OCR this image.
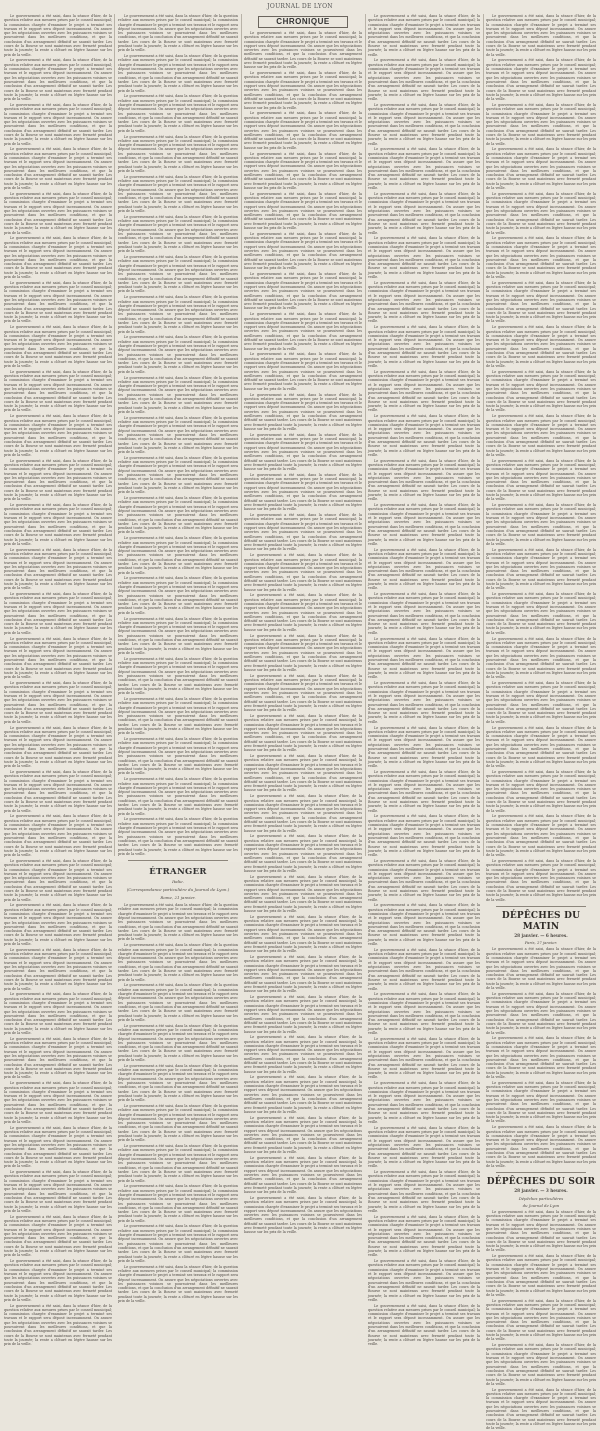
JOURNAL DE LYON

Le gouvernement a été saisi, dans la séance d'hier, de la question relative aux mesures prises par le conseil municipal; la commission chargée d'examiner le projet a terminé ses travaux et le rapport sera déposé incessamment. On assure que les négociations ouvertes avec les puissances voisines se poursuivent dans les meilleures conditions, et que la conclusion d'un arrangement définitif ne saurait tarder. Les cours de la Bourse se sont maintenus avec fermeté pendant toute la journée; la rente a clôturé en légère hausse sur les prix de la veille.

Le gouvernement a été saisi, dans la séance d'hier, de la question relative aux mesures prises par le conseil municipal; la commission chargée d'examiner le projet a terminé ses travaux et le rapport sera déposé incessamment. On assure que les négociations ouvertes avec les puissances voisines se poursuivent dans les meilleures conditions, et que la conclusion d'un arrangement définitif ne saurait tarder. Les cours de la Bourse se sont maintenus avec fermeté pendant toute la journée; la rente a clôturé en légère hausse sur les prix de la veille.

Le gouvernement a été saisi, dans la séance d'hier, de la question relative aux mesures prises par le conseil municipal; la commission chargée d'examiner le projet a terminé ses travaux et le rapport sera déposé incessamment. On assure que les négociations ouvertes avec les puissances voisines se poursuivent dans les meilleures conditions, et que la conclusion d'un arrangement définitif ne saurait tarder. Les cours de la Bourse se sont maintenus avec fermeté pendant toute la journée; la rente a clôturé en légère hausse sur les prix de la veille.

Le gouvernement a été saisi, dans la séance d'hier, de la question relative aux mesures prises par le conseil municipal; la commission chargée d'examiner le projet a terminé ses travaux et le rapport sera déposé incessamment. On assure que les négociations ouvertes avec les puissances voisines se poursuivent dans les meilleures conditions, et que la conclusion d'un arrangement définitif ne saurait tarder. Les cours de la Bourse se sont maintenus avec fermeté pendant toute la journée; la rente a clôturé en légère hausse sur les prix de la veille.

Le gouvernement a été saisi, dans la séance d'hier, de la question relative aux mesures prises par le conseil municipal; la commission chargée d'examiner le projet a terminé ses travaux et le rapport sera déposé incessamment. On assure que les négociations ouvertes avec les puissances voisines se poursuivent dans les meilleures conditions, et que la conclusion d'un arrangement définitif ne saurait tarder. Les cours de la Bourse se sont maintenus avec fermeté pendant toute la journée; la rente a clôturé en légère hausse sur les prix de la veille.

Le gouvernement a été saisi, dans la séance d'hier, de la question relative aux mesures prises par le conseil municipal; la commission chargée d'examiner le projet a terminé ses travaux et le rapport sera déposé incessamment. On assure que les négociations ouvertes avec les puissances voisines se poursuivent dans les meilleures conditions, et que la conclusion d'un arrangement définitif ne saurait tarder. Les cours de la Bourse se sont maintenus avec fermeté pendant toute la journée; la rente a clôturé en légère hausse sur les prix de la veille.

Le gouvernement a été saisi, dans la séance d'hier, de la question relative aux mesures prises par le conseil municipal; la commission chargée d'examiner le projet a terminé ses travaux et le rapport sera déposé incessamment. On assure que les négociations ouvertes avec les puissances voisines se poursuivent dans les meilleures conditions, et que la conclusion d'un arrangement définitif ne saurait tarder. Les cours de la Bourse se sont maintenus avec fermeté pendant toute la journée; la rente a clôturé en légère hausse sur les prix de la veille.

Le gouvernement a été saisi, dans la séance d'hier, de la question relative aux mesures prises par le conseil municipal; la commission chargée d'examiner le projet a terminé ses travaux et le rapport sera déposé incessamment. On assure que les négociations ouvertes avec les puissances voisines se poursuivent dans les meilleures conditions, et que la conclusion d'un arrangement définitif ne saurait tarder. Les cours de la Bourse se sont maintenus avec fermeté pendant toute la journée; la rente a clôturé en légère hausse sur les prix de la veille.

Le gouvernement a été saisi, dans la séance d'hier, de la question relative aux mesures prises par le conseil municipal; la commission chargée d'examiner le projet a terminé ses travaux et le rapport sera déposé incessamment. On assure que les négociations ouvertes avec les puissances voisines se poursuivent dans les meilleures conditions, et que la conclusion d'un arrangement définitif ne saurait tarder. Les cours de la Bourse se sont maintenus avec fermeté pendant toute la journée; la rente a clôturé en légère hausse sur les prix de la veille.

Le gouvernement a été saisi, dans la séance d'hier, de la question relative aux mesures prises par le conseil municipal; la commission chargée d'examiner le projet a terminé ses travaux et le rapport sera déposé incessamment. On assure que les négociations ouvertes avec les puissances voisines se poursuivent dans les meilleures conditions, et que la conclusion d'un arrangement définitif ne saurait tarder. Les cours de la Bourse se sont maintenus avec fermeté pendant toute la journée; la rente a clôturé en légère hausse sur les prix de la veille.

Le gouvernement a été saisi, dans la séance d'hier, de la question relative aux mesures prises par le conseil municipal; la commission chargée d'examiner le projet a terminé ses travaux et le rapport sera déposé incessamment. On assure que les négociations ouvertes avec les puissances voisines se poursuivent dans les meilleures conditions, et que la conclusion d'un arrangement définitif ne saurait tarder. Les cours de la Bourse se sont maintenus avec fermeté pendant toute la journée; la rente a clôturé en légère hausse sur les prix de la veille.

Le gouvernement a été saisi, dans la séance d'hier, de la question relative aux mesures prises par le conseil municipal; la commission chargée d'examiner le projet a terminé ses travaux et le rapport sera déposé incessamment. On assure que les négociations ouvertes avec les puissances voisines se poursuivent dans les meilleures conditions, et que la conclusion d'un arrangement définitif ne saurait tarder. Les cours de la Bourse se sont maintenus avec fermeté pendant toute la journée; la rente a clôturé en légère hausse sur les prix de la veille.

Le gouvernement a été saisi, dans la séance d'hier, de la question relative aux mesures prises par le conseil municipal; la commission chargée d'examiner le projet a terminé ses travaux et le rapport sera déposé incessamment. On assure que les négociations ouvertes avec les puissances voisines se poursuivent dans les meilleures conditions, et que la conclusion d'un arrangement définitif ne saurait tarder. Les cours de la Bourse se sont maintenus avec fermeté pendant toute la journée; la rente a clôturé en légère hausse sur les prix de la veille.

Le gouvernement a été saisi, dans la séance d'hier, de la question relative aux mesures prises par le conseil municipal; la commission chargée d'examiner le projet a terminé ses travaux et le rapport sera déposé incessamment. On assure que les négociations ouvertes avec les puissances voisines se poursuivent dans les meilleures conditions, et que la conclusion d'un arrangement définitif ne saurait tarder. Les cours de la Bourse se sont maintenus avec fermeté pendant toute la journée; la rente a clôturé en légère hausse sur les prix de la veille.

Le gouvernement a été saisi, dans la séance d'hier, de la question relative aux mesures prises par le conseil municipal; la commission chargée d'examiner le projet a terminé ses travaux et le rapport sera déposé incessamment. On assure que les négociations ouvertes avec les puissances voisines se poursuivent dans les meilleures conditions, et que la conclusion d'un arrangement définitif ne saurait tarder. Les cours de la Bourse se sont maintenus avec fermeté pendant toute la journée; la rente a clôturé en légère hausse sur les prix de la veille.

Le gouvernement a été saisi, dans la séance d'hier, de la question relative aux mesures prises par le conseil municipal; la commission chargée d'examiner le projet a terminé ses travaux et le rapport sera déposé incessamment. On assure que les négociations ouvertes avec les puissances voisines se poursuivent dans les meilleures conditions, et que la conclusion d'un arrangement définitif ne saurait tarder. Les cours de la Bourse se sont maintenus avec fermeté pendant toute la journée; la rente a clôturé en légère hausse sur les prix de la veille.

Le gouvernement a été saisi, dans la séance d'hier, de la question relative aux mesures prises par le conseil municipal; la commission chargée d'examiner le projet a terminé ses travaux et le rapport sera déposé incessamment. On assure que les négociations ouvertes avec les puissances voisines se poursuivent dans les meilleures conditions, et que la conclusion d'un arrangement définitif ne saurait tarder. Les cours de la Bourse se sont maintenus avec fermeté pendant toute la journée; la rente a clôturé en légère hausse sur les prix de la veille.

Le gouvernement a été saisi, dans la séance d'hier, de la question relative aux mesures prises par le conseil municipal; la commission chargée d'examiner le projet a terminé ses travaux et le rapport sera déposé incessamment. On assure que les négociations ouvertes avec les puissances voisines se poursuivent dans les meilleures conditions, et que la conclusion d'un arrangement définitif ne saurait tarder. Les cours de la Bourse se sont maintenus avec fermeté pendant toute la journée; la rente a clôturé en légère hausse sur les prix de la veille.

Le gouvernement a été saisi, dans la séance d'hier, de la question relative aux mesures prises par le conseil municipal; la commission chargée d'examiner le projet a terminé ses travaux et le rapport sera déposé incessamment. On assure que les négociations ouvertes avec les puissances voisines se poursuivent dans les meilleures conditions, et que la conclusion d'un arrangement définitif ne saurait tarder. Les cours de la Bourse se sont maintenus avec fermeté pendant toute la journée; la rente a clôturé en légère hausse sur les prix de la veille.

Le gouvernement a été saisi, dans la séance d'hier, de la question relative aux mesures prises par le conseil municipal; la commission chargée d'examiner le projet a terminé ses travaux et le rapport sera déposé incessamment. On assure que les négociations ouvertes avec les puissances voisines se poursuivent dans les meilleures conditions, et que la conclusion d'un arrangement définitif ne saurait tarder. Les cours de la Bourse se sont maintenus avec fermeté pendant toute la journée; la rente a clôturé en légère hausse sur les prix de la veille.

Le gouvernement a été saisi, dans la séance d'hier, de la question relative aux mesures prises par le conseil municipal; la commission chargée d'examiner le projet a terminé ses travaux et le rapport sera déposé incessamment. On assure que les négociations ouvertes avec les puissances voisines se poursuivent dans les meilleures conditions, et que la conclusion d'un arrangement définitif ne saurait tarder. Les cours de la Bourse se sont maintenus avec fermeté pendant toute la journée; la rente a clôturé en légère hausse sur les prix de la veille.

Le gouvernement a été saisi, dans la séance d'hier, de la question relative aux mesures prises par le conseil municipal; la commission chargée d'examiner le projet a terminé ses travaux et le rapport sera déposé incessamment. On assure que les négociations ouvertes avec les puissances voisines se poursuivent dans les meilleures conditions, et que la conclusion d'un arrangement définitif ne saurait tarder. Les cours de la Bourse se sont maintenus avec fermeté pendant toute la journée; la rente a clôturé en légère hausse sur les prix de la veille.

Le gouvernement a été saisi, dans la séance d'hier, de la question relative aux mesures prises par le conseil municipal; la commission chargée d'examiner le projet a terminé ses travaux et le rapport sera déposé incessamment. On assure que les négociations ouvertes avec les puissances voisines se poursuivent dans les meilleures conditions, et que la conclusion d'un arrangement définitif ne saurait tarder. Les cours de la Bourse se sont maintenus avec fermeté pendant toute la journée; la rente a clôturé en légère hausse sur les prix de la veille.

Le gouvernement a été saisi, dans la séance d'hier, de la question relative aux mesures prises par le conseil municipal; la commission chargée d'examiner le projet a terminé ses travaux et le rapport sera déposé incessamment. On assure que les négociations ouvertes avec les puissances voisines se poursuivent dans les meilleures conditions, et que la conclusion d'un arrangement définitif ne saurait tarder. Les cours de la Bourse se sont maintenus avec fermeté pendant toute la journée; la rente a clôturé en légère hausse sur les prix de la veille.

Le gouvernement a été saisi, dans la séance d'hier, de la question relative aux mesures prises par le conseil municipal; la commission chargée d'examiner le projet a terminé ses travaux et le rapport sera déposé incessamment. On assure que les négociations ouvertes avec les puissances voisines se poursuivent dans les meilleures conditions, et que la conclusion d'un arrangement définitif ne saurait tarder. Les cours de la Bourse se sont maintenus avec fermeté pendant toute la journée; la rente a clôturé en légère hausse sur les prix de la veille.

Le gouvernement a été saisi, dans la séance d'hier, de la question relative aux mesures prises par le conseil municipal; la commission chargée d'examiner le projet a terminé ses travaux et le rapport sera déposé incessamment. On assure que les négociations ouvertes avec les puissances voisines se poursuivent dans les meilleures conditions, et que la conclusion d'un arrangement définitif ne saurait tarder. Les cours de la Bourse se sont maintenus avec fermeté pendant toute la journée; la rente a clôturé en légère hausse sur les prix de la veille.

Le gouvernement a été saisi, dans la séance d'hier, de la question relative aux mesures prises par le conseil municipal; la commission chargée d'examiner le projet a terminé ses travaux et le rapport sera déposé incessamment. On assure que les négociations ouvertes avec les puissances voisines se poursuivent dans les meilleures conditions, et que la conclusion d'un arrangement définitif ne saurait tarder. Les cours de la Bourse se sont maintenus avec fermeté pendant toute la journée; la rente a clôturé en légère hausse sur les prix de la veille.

Le gouvernement a été saisi, dans la séance d'hier, de la question relative aux mesures prises par le conseil municipal; la commission chargée d'examiner le projet a terminé ses travaux et le rapport sera déposé incessamment. On assure que les négociations ouvertes avec les puissances voisines se poursuivent dans les meilleures conditions, et que la conclusion d'un arrangement définitif ne saurait tarder. Les cours de la Bourse se sont maintenus avec fermeté pendant toute la journée; la rente a clôturé en légère hausse sur les prix de la veille.

Le gouvernement a été saisi, dans la séance d'hier, de la question relative aux mesures prises par le conseil municipal; la commission chargée d'examiner le projet a terminé ses travaux et le rapport sera déposé incessamment. On assure que les négociations ouvertes avec les puissances voisines se poursuivent dans les meilleures conditions, et que la conclusion d'un arrangement définitif ne saurait tarder. Les cours de la Bourse se sont maintenus avec fermeté pendant toute la journée; la rente a clôturé en légère hausse sur les prix de la veille.

Le gouvernement a été saisi, dans la séance d'hier, de la question relative aux mesures prises par le conseil municipal; la commission chargée d'examiner le projet a terminé ses travaux et le rapport sera déposé incessamment. On assure que les négociations ouvertes avec les puissances voisines se poursuivent dans les meilleures conditions, et que la conclusion d'un arrangement définitif ne saurait tarder. Les cours de la Bourse se sont maintenus avec fermeté pendant toute la journée; la rente a clôturé en légère hausse sur les prix de la veille.

Le gouvernement a été saisi, dans la séance d'hier, de la question relative aux mesures prises par le conseil municipal; la commission chargée d'examiner le projet a terminé ses travaux et le rapport sera déposé incessamment. On assure que les négociations ouvertes avec les puissances voisines se poursuivent dans les meilleures conditions, et que la conclusion d'un arrangement définitif ne saurait tarder. Les cours de la Bourse se sont maintenus avec fermeté pendant toute la journée; la rente a clôturé en légère hausse sur les prix de la veille.

Le gouvernement a été saisi, dans la séance d'hier, de la question relative aux mesures prises par le conseil municipal; la commission chargée d'examiner le projet a terminé ses travaux et le rapport sera déposé incessamment. On assure que les négociations ouvertes avec les puissances voisines se poursuivent dans les meilleures conditions, et que la conclusion d'un arrangement définitif ne saurait tarder. Les cours de la Bourse se sont maintenus avec fermeté pendant toute la journée; la rente a clôturé en légère hausse sur les prix de la veille.

Le gouvernement a été saisi, dans la séance d'hier, de la question relative aux mesures prises par le conseil municipal; la commission chargée d'examiner le projet a terminé ses travaux et le rapport sera déposé incessamment. On assure que les négociations ouvertes avec les puissances voisines se poursuivent dans les meilleures conditions, et que la conclusion d'un arrangement définitif ne saurait tarder. Les cours de la Bourse se sont maintenus avec fermeté pendant toute la journée; la rente a clôturé en légère hausse sur les prix de la veille.

Le gouvernement a été saisi, dans la séance d'hier, de la question relative aux mesures prises par le conseil municipal; la commission chargée d'examiner le projet a terminé ses travaux et le rapport sera déposé incessamment. On assure que les négociations ouvertes avec les puissances voisines se poursuivent dans les meilleures conditions, et que la conclusion d'un arrangement définitif ne saurait tarder. Les cours de la Bourse se sont maintenus avec fermeté pendant toute la journée; la rente a clôturé en légère hausse sur les prix de la veille.

Le gouvernement a été saisi, dans la séance d'hier, de la question relative aux mesures prises par le conseil municipal; la commission chargée d'examiner le projet a terminé ses travaux et le rapport sera déposé incessamment. On assure que les négociations ouvertes avec les puissances voisines se poursuivent dans les meilleures conditions, et que la conclusion d'un arrangement définitif ne saurait tarder. Les cours de la Bourse se sont maintenus avec fermeté pendant toute la journée; la rente a clôturé en légère hausse sur les prix de la veille.

Le gouvernement a été saisi, dans la séance d'hier, de la question relative aux mesures prises par le conseil municipal; la commission chargée d'examiner le projet a terminé ses travaux et le rapport sera déposé incessamment. On assure que les négociations ouvertes avec les puissances voisines se poursuivent dans les meilleures conditions, et que la conclusion d'un arrangement définitif ne saurait tarder. Les cours de la Bourse se sont maintenus avec fermeté pendant toute la journée; la rente a clôturé en légère hausse sur les prix de la veille.

Le gouvernement a été saisi, dans la séance d'hier, de la question relative aux mesures prises par le conseil municipal; la commission chargée d'examiner le projet a terminé ses travaux et le rapport sera déposé incessamment. On assure que les négociations ouvertes avec les puissances voisines se poursuivent dans les meilleures conditions, et que la conclusion d'un arrangement définitif ne saurait tarder. Les cours de la Bourse se sont maintenus avec fermeté pendant toute la journée; la rente a clôturé en légère hausse sur les prix de la veille.

Le gouvernement a été saisi, dans la séance d'hier, de la question relative aux mesures prises par le conseil municipal; la commission chargée d'examiner le projet a terminé ses travaux et le rapport sera déposé incessamment. On assure que les négociations ouvertes avec les puissances voisines se poursuivent dans les meilleures conditions, et que la conclusion d'un arrangement définitif ne saurait tarder. Les cours de la Bourse se sont maintenus avec fermeté pendant toute la journée; la rente a clôturé en légère hausse sur les prix de la veille.

Le gouvernement a été saisi, dans la séance d'hier, de la question relative aux mesures prises par le conseil municipal; la commission chargée d'examiner le projet a terminé ses travaux et le rapport sera déposé incessamment. On assure que les négociations ouvertes avec les puissances voisines se poursuivent dans les meilleures conditions, et que la conclusion d'un arrangement définitif ne saurait tarder. Les cours de la Bourse se sont maintenus avec fermeté pendant toute la journée; la rente a clôturé en légère hausse sur les prix de la veille.

Le gouvernement a été saisi, dans la séance d'hier, de la question relative aux mesures prises par le conseil municipal; la commission chargée d'examiner le projet a terminé ses travaux et le rapport sera déposé incessamment. On assure que les négociations ouvertes avec les puissances voisines se poursuivent dans les meilleures conditions, et que la conclusion d'un arrangement définitif ne saurait tarder. Les cours de la Bourse se sont maintenus avec fermeté pendant toute la journée; la rente a clôturé en légère hausse sur les prix de la veille.

Le gouvernement a été saisi, dans la séance d'hier, de la question relative aux mesures prises par le conseil municipal; la commission chargée d'examiner le projet a terminé ses travaux et le rapport sera déposé incessamment. On assure que les négociations ouvertes avec les puissances voisines se poursuivent dans les meilleures conditions, et que la conclusion d'un arrangement définitif ne saurait tarder. Les cours de la Bourse se sont maintenus avec fermeté pendant toute la journée; la rente a clôturé en légère hausse sur les prix de la veille.

Le gouvernement a été saisi, dans la séance d'hier, de la question relative aux mesures prises par le conseil municipal; la commission chargée d'examiner le projet a terminé ses travaux et le rapport sera déposé incessamment. On assure que les négociations ouvertes avec les puissances voisines se poursuivent dans les meilleures conditions, et que la conclusion d'un arrangement définitif ne saurait tarder. Les cours de la Bourse se sont maintenus avec fermeté pendant toute la journée; la rente a clôturé en légère hausse sur les prix de la veille.

Le gouvernement a été saisi, dans la séance d'hier, de la question relative aux mesures prises par le conseil municipal; la commission chargée d'examiner le projet a terminé ses travaux et le rapport sera déposé incessamment. On assure que les négociations ouvertes avec les puissances voisines se poursuivent dans les meilleures conditions, et que la conclusion d'un arrangement définitif ne saurait tarder. Les cours de la Bourse se sont maintenus avec fermeté pendant toute la journée; la rente a clôturé en légère hausse sur les prix de la veille.

Le gouvernement a été saisi, dans la séance d'hier, de la question relative aux mesures prises par le conseil municipal; la commission chargée d'examiner le projet a terminé ses travaux et le rapport sera déposé incessamment. On assure que les négociations ouvertes avec les puissances voisines se poursuivent dans les meilleures conditions, et que la conclusion d'un arrangement définitif ne saurait tarder. Les cours de la Bourse se sont maintenus avec fermeté pendant toute la journée; la rente a clôturé en légère hausse sur les prix de la veille.

Le gouvernement a été saisi, dans la séance d'hier, de la question relative aux mesures prises par le conseil municipal; la commission chargée d'examiner le projet a terminé ses travaux et le rapport sera déposé incessamment. On assure que les négociations ouvertes avec les puissances voisines se poursuivent dans les meilleures conditions, et que la conclusion d'un arrangement définitif ne saurait tarder. Les cours de la Bourse se sont maintenus avec fermeté pendant toute la journée; la rente a clôturé en légère hausse sur les prix de la veille.

Le gouvernement a été saisi, dans la séance d'hier, de la question relative aux mesures prises par le conseil municipal; la commission chargée d'examiner le projet a terminé ses travaux et le rapport sera déposé incessamment. On assure que les négociations ouvertes avec les puissances voisines se poursuivent dans les meilleures conditions, et que la conclusion d'un arrangement définitif ne saurait tarder. Les cours de la Bourse se sont maintenus avec fermeté pendant toute la journée; la rente a clôturé en légère hausse sur les prix de la veille.

Le gouvernement a été saisi, dans la séance d'hier, de la question relative aux mesures prises par le conseil municipal; la commission chargée d'examiner le projet a terminé ses travaux et le rapport sera déposé incessamment. On assure que les négociations ouvertes avec les puissances voisines se poursuivent dans les meilleures conditions, et que la conclusion d'un arrangement définitif ne saurait tarder. Les cours de la Bourse se sont maintenus avec fermeté pendant toute la journée; la rente a clôturé en légère hausse sur les prix de la veille.

Le gouvernement a été saisi, dans la séance d'hier, de la question relative aux mesures prises par le conseil municipal; la commission chargée d'examiner le projet a terminé ses travaux et le rapport sera déposé incessamment. On assure que les négociations ouvertes avec les puissances voisines se poursuivent dans les meilleures conditions, et que la conclusion d'un arrangement définitif ne saurait tarder. Les cours de la Bourse se sont maintenus avec fermeté pendant toute la journée; la rente a clôturé en légère hausse sur les prix de la veille.

Le gouvernement a été saisi, dans la séance d'hier, de la question relative aux mesures prises par le conseil municipal; la commission chargée d'examiner le projet a terminé ses travaux et le rapport sera déposé incessamment. On assure que les négociations ouvertes avec les puissances voisines se poursuivent dans les meilleures conditions, et que la conclusion d'un arrangement définitif ne saurait tarder. Les cours de la Bourse se sont maintenus avec fermeté pendant toute la journée; la rente a clôturé en légère hausse sur les prix de la veille.

Le gouvernement a été saisi, dans la séance d'hier, de la question relative aux mesures prises par le conseil municipal; la commission chargée d'examiner le projet a terminé ses travaux et le rapport sera déposé incessamment. On assure que les négociations ouvertes avec les puissances voisines se poursuivent dans les meilleures conditions, et que la conclusion d'un arrangement définitif ne saurait tarder. Les cours de la Bourse se sont maintenus avec fermeté pendant toute la journée; la rente a clôturé en légère hausse sur les prix de la veille.

Le gouvernement a été saisi, dans la séance d'hier, de la question relative aux mesures prises par le conseil municipal; la commission chargée d'examiner le projet a terminé ses travaux et le rapport sera déposé incessamment. On assure que les négociations ouvertes avec les puissances voisines se poursuivent dans les meilleures conditions, et que la conclusion d'un arrangement définitif ne saurait tarder. Les cours de la Bourse se sont maintenus avec fermeté pendant toute la journée; la rente a clôturé en légère hausse sur les prix de la veille.

ÉTRANGER
Italie.
(Correspondance particulière du Journal de Lyon.)
Rome, 21 janvier.

Le gouvernement a été saisi, dans la séance d'hier, de la question relative aux mesures prises par le conseil municipal; la commission chargée d'examiner le projet a terminé ses travaux et le rapport sera déposé incessamment. On assure que les négociations ouvertes avec les puissances voisines se poursuivent dans les meilleures conditions, et que la conclusion d'un arrangement définitif ne saurait tarder. Les cours de la Bourse se sont maintenus avec fermeté pendant toute la journée; la rente a clôturé en légère hausse sur les prix de la veille.

Le gouvernement a été saisi, dans la séance d'hier, de la question relative aux mesures prises par le conseil municipal; la commission chargée d'examiner le projet a terminé ses travaux et le rapport sera déposé incessamment. On assure que les négociations ouvertes avec les puissances voisines se poursuivent dans les meilleures conditions, et que la conclusion d'un arrangement définitif ne saurait tarder. Les cours de la Bourse se sont maintenus avec fermeté pendant toute la journée; la rente a clôturé en légère hausse sur les prix de la veille.

Le gouvernement a été saisi, dans la séance d'hier, de la question relative aux mesures prises par le conseil municipal; la commission chargée d'examiner le projet a terminé ses travaux et le rapport sera déposé incessamment. On assure que les négociations ouvertes avec les puissances voisines se poursuivent dans les meilleures conditions, et que la conclusion d'un arrangement définitif ne saurait tarder. Les cours de la Bourse se sont maintenus avec fermeté pendant toute la journée; la rente a clôturé en légère hausse sur les prix de la veille.

Le gouvernement a été saisi, dans la séance d'hier, de la question relative aux mesures prises par le conseil municipal; la commission chargée d'examiner le projet a terminé ses travaux et le rapport sera déposé incessamment. On assure que les négociations ouvertes avec les puissances voisines se poursuivent dans les meilleures conditions, et que la conclusion d'un arrangement définitif ne saurait tarder. Les cours de la Bourse se sont maintenus avec fermeté pendant toute la journée; la rente a clôturé en légère hausse sur les prix de la veille.

Le gouvernement a été saisi, dans la séance d'hier, de la question relative aux mesures prises par le conseil municipal; la commission chargée d'examiner le projet a terminé ses travaux et le rapport sera déposé incessamment. On assure que les négociations ouvertes avec les puissances voisines se poursuivent dans les meilleures conditions, et que la conclusion d'un arrangement définitif ne saurait tarder. Les cours de la Bourse se sont maintenus avec fermeté pendant toute la journée; la rente a clôturé en légère hausse sur les prix de la veille.

Le gouvernement a été saisi, dans la séance d'hier, de la question relative aux mesures prises par le conseil municipal; la commission chargée d'examiner le projet a terminé ses travaux et le rapport sera déposé incessamment. On assure que les négociations ouvertes avec les puissances voisines se poursuivent dans les meilleures conditions, et que la conclusion d'un arrangement définitif ne saurait tarder. Les cours de la Bourse se sont maintenus avec fermeté pendant toute la journée; la rente a clôturé en légère hausse sur les prix de la veille.

Le gouvernement a été saisi, dans la séance d'hier, de la question relative aux mesures prises par le conseil municipal; la commission chargée d'examiner le projet a terminé ses travaux et le rapport sera déposé incessamment. On assure que les négociations ouvertes avec les puissances voisines se poursuivent dans les meilleures conditions, et que la conclusion d'un arrangement définitif ne saurait tarder. Les cours de la Bourse se sont maintenus avec fermeté pendant toute la journée; la rente a clôturé en légère hausse sur les prix de la veille.

Le gouvernement a été saisi, dans la séance d'hier, de la question relative aux mesures prises par le conseil municipal; la commission chargée d'examiner le projet a terminé ses travaux et le rapport sera déposé incessamment. On assure que les négociations ouvertes avec les puissances voisines se poursuivent dans les meilleures conditions, et que la conclusion d'un arrangement définitif ne saurait tarder. Les cours de la Bourse se sont maintenus avec fermeté pendant toute la journée; la rente a clôturé en légère hausse sur les prix de la veille.

Le gouvernement a été saisi, dans la séance d'hier, de la question relative aux mesures prises par le conseil municipal; la commission chargée d'examiner le projet a terminé ses travaux et le rapport sera déposé incessamment. On assure que les négociations ouvertes avec les puissances voisines se poursuivent dans les meilleures conditions, et que la conclusion d'un arrangement définitif ne saurait tarder. Les cours de la Bourse se sont maintenus avec fermeté pendant toute la journée; la rente a clôturé en légère hausse sur les prix de la veille.

Le gouvernement a été saisi, dans la séance d'hier, de la question relative aux mesures prises par le conseil municipal; la commission chargée d'examiner le projet a terminé ses travaux et le rapport sera déposé incessamment. On assure que les négociations ouvertes avec les puissances voisines se poursuivent dans les meilleures conditions, et que la conclusion d'un arrangement définitif ne saurait tarder. Les cours de la Bourse se sont maintenus avec fermeté pendant toute la journée; la rente a clôturé en légère hausse sur les prix de la veille.

CHRONIQUE

Le gouvernement a été saisi, dans la séance d'hier, de la question relative aux mesures prises par le conseil municipal; la commission chargée d'examiner le projet a terminé ses travaux et le rapport sera déposé incessamment. On assure que les négociations ouvertes avec les puissances voisines se poursuivent dans les meilleures conditions, et que la conclusion d'un arrangement définitif ne saurait tarder. Les cours de la Bourse se sont maintenus avec fermeté pendant toute la journée; la rente a clôturé en légère hausse sur les prix de la veille.

Le gouvernement a été saisi, dans la séance d'hier, de la question relative aux mesures prises par le conseil municipal; la commission chargée d'examiner le projet a terminé ses travaux et le rapport sera déposé incessamment. On assure que les négociations ouvertes avec les puissances voisines se poursuivent dans les meilleures conditions, et que la conclusion d'un arrangement définitif ne saurait tarder. Les cours de la Bourse se sont maintenus avec fermeté pendant toute la journée; la rente a clôturé en légère hausse sur les prix de la veille.

Le gouvernement a été saisi, dans la séance d'hier, de la question relative aux mesures prises par le conseil municipal; la commission chargée d'examiner le projet a terminé ses travaux et le rapport sera déposé incessamment. On assure que les négociations ouvertes avec les puissances voisines se poursuivent dans les meilleures conditions, et que la conclusion d'un arrangement définitif ne saurait tarder. Les cours de la Bourse se sont maintenus avec fermeté pendant toute la journée; la rente a clôturé en légère hausse sur les prix de la veille.

Le gouvernement a été saisi, dans la séance d'hier, de la question relative aux mesures prises par le conseil municipal; la commission chargée d'examiner le projet a terminé ses travaux et le rapport sera déposé incessamment. On assure que les négociations ouvertes avec les puissances voisines se poursuivent dans les meilleures conditions, et que la conclusion d'un arrangement définitif ne saurait tarder. Les cours de la Bourse se sont maintenus avec fermeté pendant toute la journée; la rente a clôturé en légère hausse sur les prix de la veille.

Le gouvernement a été saisi, dans la séance d'hier, de la question relative aux mesures prises par le conseil municipal; la commission chargée d'examiner le projet a terminé ses travaux et le rapport sera déposé incessamment. On assure que les négociations ouvertes avec les puissances voisines se poursuivent dans les meilleures conditions, et que la conclusion d'un arrangement définitif ne saurait tarder. Les cours de la Bourse se sont maintenus avec fermeté pendant toute la journée; la rente a clôturé en légère hausse sur les prix de la veille.

Le gouvernement a été saisi, dans la séance d'hier, de la question relative aux mesures prises par le conseil municipal; la commission chargée d'examiner le projet a terminé ses travaux et le rapport sera déposé incessamment. On assure que les négociations ouvertes avec les puissances voisines se poursuivent dans les meilleures conditions, et que la conclusion d'un arrangement définitif ne saurait tarder. Les cours de la Bourse se sont maintenus avec fermeté pendant toute la journée; la rente a clôturé en légère hausse sur les prix de la veille.

Le gouvernement a été saisi, dans la séance d'hier, de la question relative aux mesures prises par le conseil municipal; la commission chargée d'examiner le projet a terminé ses travaux et le rapport sera déposé incessamment. On assure que les négociations ouvertes avec les puissances voisines se poursuivent dans les meilleures conditions, et que la conclusion d'un arrangement définitif ne saurait tarder. Les cours de la Bourse se sont maintenus avec fermeté pendant toute la journée; la rente a clôturé en légère hausse sur les prix de la veille.

Le gouvernement a été saisi, dans la séance d'hier, de la question relative aux mesures prises par le conseil municipal; la commission chargée d'examiner le projet a terminé ses travaux et le rapport sera déposé incessamment. On assure que les négociations ouvertes avec les puissances voisines se poursuivent dans les meilleures conditions, et que la conclusion d'un arrangement définitif ne saurait tarder. Les cours de la Bourse se sont maintenus avec fermeté pendant toute la journée; la rente a clôturé en légère hausse sur les prix de la veille.

Le gouvernement a été saisi, dans la séance d'hier, de la question relative aux mesures prises par le conseil municipal; la commission chargée d'examiner le projet a terminé ses travaux et le rapport sera déposé incessamment. On assure que les négociations ouvertes avec les puissances voisines se poursuivent dans les meilleures conditions, et que la conclusion d'un arrangement définitif ne saurait tarder. Les cours de la Bourse se sont maintenus avec fermeté pendant toute la journée; la rente a clôturé en légère hausse sur les prix de la veille.

Le gouvernement a été saisi, dans la séance d'hier, de la question relative aux mesures prises par le conseil municipal; la commission chargée d'examiner le projet a terminé ses travaux et le rapport sera déposé incessamment. On assure que les négociations ouvertes avec les puissances voisines se poursuivent dans les meilleures conditions, et que la conclusion d'un arrangement définitif ne saurait tarder. Les cours de la Bourse se sont maintenus avec fermeté pendant toute la journée; la rente a clôturé en légère hausse sur les prix de la veille.

Le gouvernement a été saisi, dans la séance d'hier, de la question relative aux mesures prises par le conseil municipal; la commission chargée d'examiner le projet a terminé ses travaux et le rapport sera déposé incessamment. On assure que les négociations ouvertes avec les puissances voisines se poursuivent dans les meilleures conditions, et que la conclusion d'un arrangement définitif ne saurait tarder. Les cours de la Bourse se sont maintenus avec fermeté pendant toute la journée; la rente a clôturé en légère hausse sur les prix de la veille.

Le gouvernement a été saisi, dans la séance d'hier, de la question relative aux mesures prises par le conseil municipal; la commission chargée d'examiner le projet a terminé ses travaux et le rapport sera déposé incessamment. On assure que les négociations ouvertes avec les puissances voisines se poursuivent dans les meilleures conditions, et que la conclusion d'un arrangement définitif ne saurait tarder. Les cours de la Bourse se sont maintenus avec fermeté pendant toute la journée; la rente a clôturé en légère hausse sur les prix de la veille.

Le gouvernement a été saisi, dans la séance d'hier, de la question relative aux mesures prises par le conseil municipal; la commission chargée d'examiner le projet a terminé ses travaux et le rapport sera déposé incessamment. On assure que les négociations ouvertes avec les puissances voisines se poursuivent dans les meilleures conditions, et que la conclusion d'un arrangement définitif ne saurait tarder. Les cours de la Bourse se sont maintenus avec fermeté pendant toute la journée; la rente a clôturé en légère hausse sur les prix de la veille.

Le gouvernement a été saisi, dans la séance d'hier, de la question relative aux mesures prises par le conseil municipal; la commission chargée d'examiner le projet a terminé ses travaux et le rapport sera déposé incessamment. On assure que les négociations ouvertes avec les puissances voisines se poursuivent dans les meilleures conditions, et que la conclusion d'un arrangement définitif ne saurait tarder. Les cours de la Bourse se sont maintenus avec fermeté pendant toute la journée; la rente a clôturé en légère hausse sur les prix de la veille.

Le gouvernement a été saisi, dans la séance d'hier, de la question relative aux mesures prises par le conseil municipal; la commission chargée d'examiner le projet a terminé ses travaux et le rapport sera déposé incessamment. On assure que les négociations ouvertes avec les puissances voisines se poursuivent dans les meilleures conditions, et que la conclusion d'un arrangement définitif ne saurait tarder. Les cours de la Bourse se sont maintenus avec fermeté pendant toute la journée; la rente a clôturé en légère hausse sur les prix de la veille.

Le gouvernement a été saisi, dans la séance d'hier, de la question relative aux mesures prises par le conseil municipal; la commission chargée d'examiner le projet a terminé ses travaux et le rapport sera déposé incessamment. On assure que les négociations ouvertes avec les puissances voisines se poursuivent dans les meilleures conditions, et que la conclusion d'un arrangement définitif ne saurait tarder. Les cours de la Bourse se sont maintenus avec fermeté pendant toute la journée; la rente a clôturé en légère hausse sur les prix de la veille.

Le gouvernement a été saisi, dans la séance d'hier, de la question relative aux mesures prises par le conseil municipal; la commission chargée d'examiner le projet a terminé ses travaux et le rapport sera déposé incessamment. On assure que les négociations ouvertes avec les puissances voisines se poursuivent dans les meilleures conditions, et que la conclusion d'un arrangement définitif ne saurait tarder. Les cours de la Bourse se sont maintenus avec fermeté pendant toute la journée; la rente a clôturé en légère hausse sur les prix de la veille.

Le gouvernement a été saisi, dans la séance d'hier, de la question relative aux mesures prises par le conseil municipal; la commission chargée d'examiner le projet a terminé ses travaux et le rapport sera déposé incessamment. On assure que les négociations ouvertes avec les puissances voisines se poursuivent dans les meilleures conditions, et que la conclusion d'un arrangement définitif ne saurait tarder. Les cours de la Bourse se sont maintenus avec fermeté pendant toute la journée; la rente a clôturé en légère hausse sur les prix de la veille.

Le gouvernement a été saisi, dans la séance d'hier, de la question relative aux mesures prises par le conseil municipal; la commission chargée d'examiner le projet a terminé ses travaux et le rapport sera déposé incessamment. On assure que les négociations ouvertes avec les puissances voisines se poursuivent dans les meilleures conditions, et que la conclusion d'un arrangement définitif ne saurait tarder. Les cours de la Bourse se sont maintenus avec fermeté pendant toute la journée; la rente a clôturé en légère hausse sur les prix de la veille.

Le gouvernement a été saisi, dans la séance d'hier, de la question relative aux mesures prises par le conseil municipal; la commission chargée d'examiner le projet a terminé ses travaux et le rapport sera déposé incessamment. On assure que les négociations ouvertes avec les puissances voisines se poursuivent dans les meilleures conditions, et que la conclusion d'un arrangement définitif ne saurait tarder. Les cours de la Bourse se sont maintenus avec fermeté pendant toute la journée; la rente a clôturé en légère hausse sur les prix de la veille.

Le gouvernement a été saisi, dans la séance d'hier, de la question relative aux mesures prises par le conseil municipal; la commission chargée d'examiner le projet a terminé ses travaux et le rapport sera déposé incessamment. On assure que les négociations ouvertes avec les puissances voisines se poursuivent dans les meilleures conditions, et que la conclusion d'un arrangement définitif ne saurait tarder. Les cours de la Bourse se sont maintenus avec fermeté pendant toute la journée; la rente a clôturé en légère hausse sur les prix de la veille.

Le gouvernement a été saisi, dans la séance d'hier, de la question relative aux mesures prises par le conseil municipal; la commission chargée d'examiner le projet a terminé ses travaux et le rapport sera déposé incessamment. On assure que les négociations ouvertes avec les puissances voisines se poursuivent dans les meilleures conditions, et que la conclusion d'un arrangement définitif ne saurait tarder. Les cours de la Bourse se sont maintenus avec fermeté pendant toute la journée; la rente a clôturé en légère hausse sur les prix de la veille.

Le gouvernement a été saisi, dans la séance d'hier, de la question relative aux mesures prises par le conseil municipal; la commission chargée d'examiner le projet a terminé ses travaux et le rapport sera déposé incessamment. On assure que les négociations ouvertes avec les puissances voisines se poursuivent dans les meilleures conditions, et que la conclusion d'un arrangement définitif ne saurait tarder. Les cours de la Bourse se sont maintenus avec fermeté pendant toute la journée; la rente a clôturé en légère hausse sur les prix de la veille.

Le gouvernement a été saisi, dans la séance d'hier, de la question relative aux mesures prises par le conseil municipal; la commission chargée d'examiner le projet a terminé ses travaux et le rapport sera déposé incessamment. On assure que les négociations ouvertes avec les puissances voisines se poursuivent dans les meilleures conditions, et que la conclusion d'un arrangement définitif ne saurait tarder. Les cours de la Bourse se sont maintenus avec fermeté pendant toute la journée; la rente a clôturé en légère hausse sur les prix de la veille.

Le gouvernement a été saisi, dans la séance d'hier, de la question relative aux mesures prises par le conseil municipal; la commission chargée d'examiner le projet a terminé ses travaux et le rapport sera déposé incessamment. On assure que les négociations ouvertes avec les puissances voisines se poursuivent dans les meilleures conditions, et que la conclusion d'un arrangement définitif ne saurait tarder. Les cours de la Bourse se sont maintenus avec fermeté pendant toute la journée; la rente a clôturé en légère hausse sur les prix de la veille.

Le gouvernement a été saisi, dans la séance d'hier, de la question relative aux mesures prises par le conseil municipal; la commission chargée d'examiner le projet a terminé ses travaux et le rapport sera déposé incessamment. On assure que les négociations ouvertes avec les puissances voisines se poursuivent dans les meilleures conditions, et que la conclusion d'un arrangement définitif ne saurait tarder. Les cours de la Bourse se sont maintenus avec fermeté pendant toute la journée; la rente a clôturé en légère hausse sur les prix de la veille.

Le gouvernement a été saisi, dans la séance d'hier, de la question relative aux mesures prises par le conseil municipal; la commission chargée d'examiner le projet a terminé ses travaux et le rapport sera déposé incessamment. On assure que les négociations ouvertes avec les puissances voisines se poursuivent dans les meilleures conditions, et que la conclusion d'un arrangement définitif ne saurait tarder. Les cours de la Bourse se sont maintenus avec fermeté pendant toute la journée; la rente a clôturé en légère hausse sur les prix de la veille.

Le gouvernement a été saisi, dans la séance d'hier, de la question relative aux mesures prises par le conseil municipal; la commission chargée d'examiner le projet a terminé ses travaux et le rapport sera déposé incessamment. On assure que les négociations ouvertes avec les puissances voisines se poursuivent dans les meilleures conditions, et que la conclusion d'un arrangement définitif ne saurait tarder. Les cours de la Bourse se sont maintenus avec fermeté pendant toute la journée; la rente a clôturé en légère hausse sur les prix de la veille.

Le gouvernement a été saisi, dans la séance d'hier, de la question relative aux mesures prises par le conseil municipal; la commission chargée d'examiner le projet a terminé ses travaux et le rapport sera déposé incessamment. On assure que les négociations ouvertes avec les puissances voisines se poursuivent dans les meilleures conditions, et que la conclusion d'un arrangement définitif ne saurait tarder. Les cours de la Bourse se sont maintenus avec fermeté pendant toute la journée; la rente a clôturé en légère hausse sur les prix de la veille.

Le gouvernement a été saisi, dans la séance d'hier, de la question relative aux mesures prises par le conseil municipal; la commission chargée d'examiner le projet a terminé ses travaux et le rapport sera déposé incessamment. On assure que les négociations ouvertes avec les puissances voisines se poursuivent dans les meilleures conditions, et que la conclusion d'un arrangement définitif ne saurait tarder. Les cours de la Bourse se sont maintenus avec fermeté pendant toute la journée; la rente a clôturé en légère hausse sur les prix de la veille.

Le gouvernement a été saisi, dans la séance d'hier, de la question relative aux mesures prises par le conseil municipal; la commission chargée d'examiner le projet a terminé ses travaux et le rapport sera déposé incessamment. On assure que les négociations ouvertes avec les puissances voisines se poursuivent dans les meilleures conditions, et que la conclusion d'un arrangement définitif ne saurait tarder. Les cours de la Bourse se sont maintenus avec fermeté pendant toute la journée; la rente a clôturé en légère hausse sur les prix de la veille.

Le gouvernement a été saisi, dans la séance d'hier, de la question relative aux mesures prises par le conseil municipal; la commission chargée d'examiner le projet a terminé ses travaux et le rapport sera déposé incessamment. On assure que les négociations ouvertes avec les puissances voisines se poursuivent dans les meilleures conditions, et que la conclusion d'un arrangement définitif ne saurait tarder. Les cours de la Bourse se sont maintenus avec fermeté pendant toute la journée; la rente a clôturé en légère hausse sur les prix de la veille.

Le gouvernement a été saisi, dans la séance d'hier, de la question relative aux mesures prises par le conseil municipal; la commission chargée d'examiner le projet a terminé ses travaux et le rapport sera déposé incessamment. On assure que les négociations ouvertes avec les puissances voisines se poursuivent dans les meilleures conditions, et que la conclusion d'un arrangement définitif ne saurait tarder. Les cours de la Bourse se sont maintenus avec fermeté pendant toute la journée; la rente a clôturé en légère hausse sur les prix de la veille.

Le gouvernement a été saisi, dans la séance d'hier, de la question relative aux mesures prises par le conseil municipal; la commission chargée d'examiner le projet a terminé ses travaux et le rapport sera déposé incessamment. On assure que les négociations ouvertes avec les puissances voisines se poursuivent dans les meilleures conditions, et que la conclusion d'un arrangement définitif ne saurait tarder. Les cours de la Bourse se sont maintenus avec fermeté pendant toute la journée; la rente a clôturé en légère hausse sur les prix de la veille.

Le gouvernement a été saisi, dans la séance d'hier, de la question relative aux mesures prises par le conseil municipal; la commission chargée d'examiner le projet a terminé ses travaux et le rapport sera déposé incessamment. On assure que les négociations ouvertes avec les puissances voisines se poursuivent dans les meilleures conditions, et que la conclusion d'un arrangement définitif ne saurait tarder. Les cours de la Bourse se sont maintenus avec fermeté pendant toute la journée; la rente a clôturé en légère hausse sur les prix de la veille.

Le gouvernement a été saisi, dans la séance d'hier, de la question relative aux mesures prises par le conseil municipal; la commission chargée d'examiner le projet a terminé ses travaux et le rapport sera déposé incessamment. On assure que les négociations ouvertes avec les puissances voisines se poursuivent dans les meilleures conditions, et que la conclusion d'un arrangement définitif ne saurait tarder. Les cours de la Bourse se sont maintenus avec fermeté pendant toute la journée; la rente a clôturé en légère hausse sur les prix de la veille.

Le gouvernement a été saisi, dans la séance d'hier, de la question relative aux mesures prises par le conseil municipal; la commission chargée d'examiner le projet a terminé ses travaux et le rapport sera déposé incessamment. On assure que les négociations ouvertes avec les puissances voisines se poursuivent dans les meilleures conditions, et que la conclusion d'un arrangement définitif ne saurait tarder. Les cours de la Bourse se sont maintenus avec fermeté pendant toute la journée; la rente a clôturé en légère hausse sur les prix de la veille.

Le gouvernement a été saisi, dans la séance d'hier, de la question relative aux mesures prises par le conseil municipal; la commission chargée d'examiner le projet a terminé ses travaux et le rapport sera déposé incessamment. On assure que les négociations ouvertes avec les puissances voisines se poursuivent dans les meilleures conditions, et que la conclusion d'un arrangement définitif ne saurait tarder. Les cours de la Bourse se sont maintenus avec fermeté pendant toute la journée; la rente a clôturé en légère hausse sur les prix de la veille.

Le gouvernement a été saisi, dans la séance d'hier, de la question relative aux mesures prises par le conseil municipal; la commission chargée d'examiner le projet a terminé ses travaux et le rapport sera déposé incessamment. On assure que les négociations ouvertes avec les puissances voisines se poursuivent dans les meilleures conditions, et que la conclusion d'un arrangement définitif ne saurait tarder. Les cours de la Bourse se sont maintenus avec fermeté pendant toute la journée; la rente a clôturé en légère hausse sur les prix de la veille.

Le gouvernement a été saisi, dans la séance d'hier, de la question relative aux mesures prises par le conseil municipal; la commission chargée d'examiner le projet a terminé ses travaux et le rapport sera déposé incessamment. On assure que les négociations ouvertes avec les puissances voisines se poursuivent dans les meilleures conditions, et que la conclusion d'un arrangement définitif ne saurait tarder. Les cours de la Bourse se sont maintenus avec fermeté pendant toute la journée; la rente a clôturé en légère hausse sur les prix de la veille.

Le gouvernement a été saisi, dans la séance d'hier, de la question relative aux mesures prises par le conseil municipal; la commission chargée d'examiner le projet a terminé ses travaux et le rapport sera déposé incessamment. On assure que les négociations ouvertes avec les puissances voisines se poursuivent dans les meilleures conditions, et que la conclusion d'un arrangement définitif ne saurait tarder. Les cours de la Bourse se sont maintenus avec fermeté pendant toute la journée; la rente a clôturé en légère hausse sur les prix de la veille.

Le gouvernement a été saisi, dans la séance d'hier, de la question relative aux mesures prises par le conseil municipal; la commission chargée d'examiner le projet a terminé ses travaux et le rapport sera déposé incessamment. On assure que les négociations ouvertes avec les puissances voisines se poursuivent dans les meilleures conditions, et que la conclusion d'un arrangement définitif ne saurait tarder. Les cours de la Bourse se sont maintenus avec fermeté pendant toute la journée; la rente a clôturé en légère hausse sur les prix de la veille.

Le gouvernement a été saisi, dans la séance d'hier, de la question relative aux mesures prises par le conseil municipal; la commission chargée d'examiner le projet a terminé ses travaux et le rapport sera déposé incessamment. On assure que les négociations ouvertes avec les puissances voisines se poursuivent dans les meilleures conditions, et que la conclusion d'un arrangement définitif ne saurait tarder. Les cours de la Bourse se sont maintenus avec fermeté pendant toute la journée; la rente a clôturé en légère hausse sur les prix de la veille.

Le gouvernement a été saisi, dans la séance d'hier, de la question relative aux mesures prises par le conseil municipal; la commission chargée d'examiner le projet a terminé ses travaux et le rapport sera déposé incessamment. On assure que les négociations ouvertes avec les puissances voisines se poursuivent dans les meilleures conditions, et que la conclusion d'un arrangement définitif ne saurait tarder. Les cours de la Bourse se sont maintenus avec fermeté pendant toute la journée; la rente a clôturé en légère hausse sur les prix de la veille.

Le gouvernement a été saisi, dans la séance d'hier, de la question relative aux mesures prises par le conseil municipal; la commission chargée d'examiner le projet a terminé ses travaux et le rapport sera déposé incessamment. On assure que les négociations ouvertes avec les puissances voisines se poursuivent dans les meilleures conditions, et que la conclusion d'un arrangement définitif ne saurait tarder. Les cours de la Bourse se sont maintenus avec fermeté pendant toute la journée; la rente a clôturé en légère hausse sur les prix de la veille.

Le gouvernement a été saisi, dans la séance d'hier, de la question relative aux mesures prises par le conseil municipal; la commission chargée d'examiner le projet a terminé ses travaux et le rapport sera déposé incessamment. On assure que les négociations ouvertes avec les puissances voisines se poursuivent dans les meilleures conditions, et que la conclusion d'un arrangement définitif ne saurait tarder. Les cours de la Bourse se sont maintenus avec fermeté pendant toute la journée; la rente a clôturé en légère hausse sur les prix de la veille.

Le gouvernement a été saisi, dans la séance d'hier, de la question relative aux mesures prises par le conseil municipal; la commission chargée d'examiner le projet a terminé ses travaux et le rapport sera déposé incessamment. On assure que les négociations ouvertes avec les puissances voisines se poursuivent dans les meilleures conditions, et que la conclusion d'un arrangement définitif ne saurait tarder. Les cours de la Bourse se sont maintenus avec fermeté pendant toute la journée; la rente a clôturé en légère hausse sur les prix de la veille.

Le gouvernement a été saisi, dans la séance d'hier, de la question relative aux mesures prises par le conseil municipal; la commission chargée d'examiner le projet a terminé ses travaux et le rapport sera déposé incessamment. On assure que les négociations ouvertes avec les puissances voisines se poursuivent dans les meilleures conditions, et que la conclusion d'un arrangement définitif ne saurait tarder. Les cours de la Bourse se sont maintenus avec fermeté pendant toute la journée; la rente a clôturé en légère hausse sur les prix de la veille.

Le gouvernement a été saisi, dans la séance d'hier, de la question relative aux mesures prises par le conseil municipal; la commission chargée d'examiner le projet a terminé ses travaux et le rapport sera déposé incessamment. On assure que les négociations ouvertes avec les puissances voisines se poursuivent dans les meilleures conditions, et que la conclusion d'un arrangement définitif ne saurait tarder. Les cours de la Bourse se sont maintenus avec fermeté pendant toute la journée; la rente a clôturé en légère hausse sur les prix de la veille.

Le gouvernement a été saisi, dans la séance d'hier, de la question relative aux mesures prises par le conseil municipal; la commission chargée d'examiner le projet a terminé ses travaux et le rapport sera déposé incessamment. On assure que les négociations ouvertes avec les puissances voisines se poursuivent dans les meilleures conditions, et que la conclusion d'un arrangement définitif ne saurait tarder. Les cours de la Bourse se sont maintenus avec fermeté pendant toute la journée; la rente a clôturé en légère hausse sur les prix de la veille.

Le gouvernement a été saisi, dans la séance d'hier, de la question relative aux mesures prises par le conseil municipal; la commission chargée d'examiner le projet a terminé ses travaux et le rapport sera déposé incessamment. On assure que les négociations ouvertes avec les puissances voisines se poursuivent dans les meilleures conditions, et que la conclusion d'un arrangement définitif ne saurait tarder. Les cours de la Bourse se sont maintenus avec fermeté pendant toute la journée; la rente a clôturé en légère hausse sur les prix de la veille.

Le gouvernement a été saisi, dans la séance d'hier, de la question relative aux mesures prises par le conseil municipal; la commission chargée d'examiner le projet a terminé ses travaux et le rapport sera déposé incessamment. On assure que les négociations ouvertes avec les puissances voisines se poursuivent dans les meilleures conditions, et que la conclusion d'un arrangement définitif ne saurait tarder. Les cours de la Bourse se sont maintenus avec fermeté pendant toute la journée; la rente a clôturé en légère hausse sur les prix de la veille.

Le gouvernement a été saisi, dans la séance d'hier, de la question relative aux mesures prises par le conseil municipal; la commission chargée d'examiner le projet a terminé ses travaux et le rapport sera déposé incessamment. On assure que les négociations ouvertes avec les puissances voisines se poursuivent dans les meilleures conditions, et que la conclusion d'un arrangement définitif ne saurait tarder. Les cours de la Bourse se sont maintenus avec fermeté pendant toute la journée; la rente a clôturé en légère hausse sur les prix de la veille.

Le gouvernement a été saisi, dans la séance d'hier, de la question relative aux mesures prises par le conseil municipal; la commission chargée d'examiner le projet a terminé ses travaux et le rapport sera déposé incessamment. On assure que les négociations ouvertes avec les puissances voisines se poursuivent dans les meilleures conditions, et que la conclusion d'un arrangement définitif ne saurait tarder. Les cours de la Bourse se sont maintenus avec fermeté pendant toute la journée; la rente a clôturé en légère hausse sur les prix de la veille.

Le gouvernement a été saisi, dans la séance d'hier, de la question relative aux mesures prises par le conseil municipal; la commission chargée d'examiner le projet a terminé ses travaux et le rapport sera déposé incessamment. On assure que les négociations ouvertes avec les puissances voisines se poursuivent dans les meilleures conditions, et que la conclusion d'un arrangement définitif ne saurait tarder. Les cours de la Bourse se sont maintenus avec fermeté pendant toute la journée; la rente a clôturé en légère hausse sur les prix de la veille.

Le gouvernement a été saisi, dans la séance d'hier, de la question relative aux mesures prises par le conseil municipal; la commission chargée d'examiner le projet a terminé ses travaux et le rapport sera déposé incessamment. On assure que les négociations ouvertes avec les puissances voisines se poursuivent dans les meilleures conditions, et que la conclusion d'un arrangement définitif ne saurait tarder. Les cours de la Bourse se sont maintenus avec fermeté pendant toute la journée; la rente a clôturé en légère hausse sur les prix de la veille.

Le gouvernement a été saisi, dans la séance d'hier, de la question relative aux mesures prises par le conseil municipal; la commission chargée d'examiner le projet a terminé ses travaux et le rapport sera déposé incessamment. On assure que les négociations ouvertes avec les puissances voisines se poursuivent dans les meilleures conditions, et que la conclusion d'un arrangement définitif ne saurait tarder. Les cours de la Bourse se sont maintenus avec fermeté pendant toute la journée; la rente a clôturé en légère hausse sur les prix de la veille.

Le gouvernement a été saisi, dans la séance d'hier, de la question relative aux mesures prises par le conseil municipal; la commission chargée d'examiner le projet a terminé ses travaux et le rapport sera déposé incessamment. On assure que les négociations ouvertes avec les puissances voisines se poursuivent dans les meilleures conditions, et que la conclusion d'un arrangement définitif ne saurait tarder. Les cours de la Bourse se sont maintenus avec fermeté pendant toute la journée; la rente a clôturé en légère hausse sur les prix de la veille.

Le gouvernement a été saisi, dans la séance d'hier, de la question relative aux mesures prises par le conseil municipal; la commission chargée d'examiner le projet a terminé ses travaux et le rapport sera déposé incessamment. On assure que les négociations ouvertes avec les puissances voisines se poursuivent dans les meilleures conditions, et que la conclusion d'un arrangement définitif ne saurait tarder. Les cours de la Bourse se sont maintenus avec fermeté pendant toute la journée; la rente a clôturé en légère hausse sur les prix de la veille.

Le gouvernement a été saisi, dans la séance d'hier, de la question relative aux mesures prises par le conseil municipal; la commission chargée d'examiner le projet a terminé ses travaux et le rapport sera déposé incessamment. On assure que les négociations ouvertes avec les puissances voisines se poursuivent dans les meilleures conditions, et que la conclusion d'un arrangement définitif ne saurait tarder. Les cours de la Bourse se sont maintenus avec fermeté pendant toute la journée; la rente a clôturé en légère hausse sur les prix de la veille.

Le gouvernement a été saisi, dans la séance d'hier, de la question relative aux mesures prises par le conseil municipal; la commission chargée d'examiner le projet a terminé ses travaux et le rapport sera déposé incessamment. On assure que les négociations ouvertes avec les puissances voisines se poursuivent dans les meilleures conditions, et que la conclusion d'un arrangement définitif ne saurait tarder. Les cours de la Bourse se sont maintenus avec fermeté pendant toute la journée; la rente a clôturé en légère hausse sur les prix de la veille.

Le gouvernement a été saisi, dans la séance d'hier, de la question relative aux mesures prises par le conseil municipal; la commission chargée d'examiner le projet a terminé ses travaux et le rapport sera déposé incessamment. On assure que les négociations ouvertes avec les puissances voisines se poursuivent dans les meilleures conditions, et que la conclusion d'un arrangement définitif ne saurait tarder. Les cours de la Bourse se sont maintenus avec fermeté pendant toute la journée; la rente a clôturé en légère hausse sur les prix de la veille.

Le gouvernement a été saisi, dans la séance d'hier, de la question relative aux mesures prises par le conseil municipal; la commission chargée d'examiner le projet a terminé ses travaux et le rapport sera déposé incessamment. On assure que les négociations ouvertes avec les puissances voisines se poursuivent dans les meilleures conditions, et que la conclusion d'un arrangement définitif ne saurait tarder. Les cours de la Bourse se sont maintenus avec fermeté pendant toute la journée; la rente a clôturé en légère hausse sur les prix de la veille.

Le gouvernement a été saisi, dans la séance d'hier, de la question relative aux mesures prises par le conseil municipal; la commission chargée d'examiner le projet a terminé ses travaux et le rapport sera déposé incessamment. On assure que les négociations ouvertes avec les puissances voisines se poursuivent dans les meilleures conditions, et que la conclusion d'un arrangement définitif ne saurait tarder. Les cours de la Bourse se sont maintenus avec fermeté pendant toute la journée; la rente a clôturé en légère hausse sur les prix de la veille.

Le gouvernement a été saisi, dans la séance d'hier, de la question relative aux mesures prises par le conseil municipal; la commission chargée d'examiner le projet a terminé ses travaux et le rapport sera déposé incessamment. On assure que les négociations ouvertes avec les puissances voisines se poursuivent dans les meilleures conditions, et que la conclusion d'un arrangement définitif ne saurait tarder. Les cours de la Bourse se sont maintenus avec fermeté pendant toute la journée; la rente a clôturé en légère hausse sur les prix de la veille.

Le gouvernement a été saisi, dans la séance d'hier, de la question relative aux mesures prises par le conseil municipal; la commission chargée d'examiner le projet a terminé ses travaux et le rapport sera déposé incessamment. On assure que les négociations ouvertes avec les puissances voisines se poursuivent dans les meilleures conditions, et que la conclusion d'un arrangement définitif ne saurait tarder. Les cours de la Bourse se sont maintenus avec fermeté pendant toute la journée; la rente a clôturé en légère hausse sur les prix de la veille.

Le gouvernement a été saisi, dans la séance d'hier, de la question relative aux mesures prises par le conseil municipal; la commission chargée d'examiner le projet a terminé ses travaux et le rapport sera déposé incessamment. On assure que les négociations ouvertes avec les puissances voisines se poursuivent dans les meilleures conditions, et que la conclusion d'un arrangement définitif ne saurait tarder. Les cours de la Bourse se sont maintenus avec fermeté pendant toute la journée; la rente a clôturé en légère hausse sur les prix de la veille.

Le gouvernement a été saisi, dans la séance d'hier, de la question relative aux mesures prises par le conseil municipal; la commission chargée d'examiner le projet a terminé ses travaux et le rapport sera déposé incessamment. On assure que les négociations ouvertes avec les puissances voisines se poursuivent dans les meilleures conditions, et que la conclusion d'un arrangement définitif ne saurait tarder. Les cours de la Bourse se sont maintenus avec fermeté pendant toute la journée; la rente a clôturé en légère hausse sur les prix de la veille.

Le gouvernement a été saisi, dans la séance d'hier, de la question relative aux mesures prises par le conseil municipal; la commission chargée d'examiner le projet a terminé ses travaux et le rapport sera déposé incessamment. On assure que les négociations ouvertes avec les puissances voisines se poursuivent dans les meilleures conditions, et que la conclusion d'un arrangement définitif ne saurait tarder. Les cours de la Bourse se sont maintenus avec fermeté pendant toute la journée; la rente a clôturé en légère hausse sur les prix de la veille.

Le gouvernement a été saisi, dans la séance d'hier, de la question relative aux mesures prises par le conseil municipal; la commission chargée d'examiner le projet a terminé ses travaux et le rapport sera déposé incessamment. On assure que les négociations ouvertes avec les puissances voisines se poursuivent dans les meilleures conditions, et que la conclusion d'un arrangement définitif ne saurait tarder. Les cours de la Bourse se sont maintenus avec fermeté pendant toute la journée; la rente a clôturé en légère hausse sur les prix de la veille.

Le gouvernement a été saisi, dans la séance d'hier, de la question relative aux mesures prises par le conseil municipal; la commission chargée d'examiner le projet a terminé ses travaux et le rapport sera déposé incessamment. On assure que les négociations ouvertes avec les puissances voisines se poursuivent dans les meilleures conditions, et que la conclusion d'un arrangement définitif ne saurait tarder. Les cours de la Bourse se sont maintenus avec fermeté pendant toute la journée; la rente a clôturé en légère hausse sur les prix de la veille.

Le gouvernement a été saisi, dans la séance d'hier, de la question relative aux mesures prises par le conseil municipal; la commission chargée d'examiner le projet a terminé ses travaux et le rapport sera déposé incessamment. On assure que les négociations ouvertes avec les puissances voisines se poursuivent dans les meilleures conditions, et que la conclusion d'un arrangement définitif ne saurait tarder. Les cours de la Bourse se sont maintenus avec fermeté pendant toute la journée; la rente a clôturé en légère hausse sur les prix de la veille.

Le gouvernement a été saisi, dans la séance d'hier, de la question relative aux mesures prises par le conseil municipal; la commission chargée d'examiner le projet a terminé ses travaux et le rapport sera déposé incessamment. On assure que les négociations ouvertes avec les puissances voisines se poursuivent dans les meilleures conditions, et que la conclusion d'un arrangement définitif ne saurait tarder. Les cours de la Bourse se sont maintenus avec fermeté pendant toute la journée; la rente a clôturé en légère hausse sur les prix de la veille.

Le gouvernement a été saisi, dans la séance d'hier, de la question relative aux mesures prises par le conseil municipal; la commission chargée d'examiner le projet a terminé ses travaux et le rapport sera déposé incessamment. On assure que les négociations ouvertes avec les puissances voisines se poursuivent dans les meilleures conditions, et que la conclusion d'un arrangement définitif ne saurait tarder. Les cours de la Bourse se sont maintenus avec fermeté pendant toute la journée; la rente a clôturé en légère hausse sur les prix de la veille.

Le gouvernement a été saisi, dans la séance d'hier, de la question relative aux mesures prises par le conseil municipal; la commission chargée d'examiner le projet a terminé ses travaux et le rapport sera déposé incessamment. On assure que les négociations ouvertes avec les puissances voisines se poursuivent dans les meilleures conditions, et que la conclusion d'un arrangement définitif ne saurait tarder. Les cours de la Bourse se sont maintenus avec fermeté pendant toute la journée; la rente a clôturé en légère hausse sur les prix de la veille.

Le gouvernement a été saisi, dans la séance d'hier, de la question relative aux mesures prises par le conseil municipal; la commission chargée d'examiner le projet a terminé ses travaux et le rapport sera déposé incessamment. On assure que les négociations ouvertes avec les puissances voisines se poursuivent dans les meilleures conditions, et que la conclusion d'un arrangement définitif ne saurait tarder. Les cours de la Bourse se sont maintenus avec fermeté pendant toute la journée; la rente a clôturé en légère hausse sur les prix de la veille.

Le gouvernement a été saisi, dans la séance d'hier, de la question relative aux mesures prises par le conseil municipal; la commission chargée d'examiner le projet a terminé ses travaux et le rapport sera déposé incessamment. On assure que les négociations ouvertes avec les puissances voisines se poursuivent dans les meilleures conditions, et que la conclusion d'un arrangement définitif ne saurait tarder. Les cours de la Bourse se sont maintenus avec fermeté pendant toute la journée; la rente a clôturé en légère hausse sur les prix de la veille.

Le gouvernement a été saisi, dans la séance d'hier, de la question relative aux mesures prises par le conseil municipal; la commission chargée d'examiner le projet a terminé ses travaux et le rapport sera déposé incessamment. On assure que les négociations ouvertes avec les puissances voisines se poursuivent dans les meilleures conditions, et que la conclusion d'un arrangement définitif ne saurait tarder. Les cours de la Bourse se sont maintenus avec fermeté pendant toute la journée; la rente a clôturé en légère hausse sur les prix de la veille.

Le gouvernement a été saisi, dans la séance d'hier, de la question relative aux mesures prises par le conseil municipal; la commission chargée d'examiner le projet a terminé ses travaux et le rapport sera déposé incessamment. On assure que les négociations ouvertes avec les puissances voisines se poursuivent dans les meilleures conditions, et que la conclusion d'un arrangement définitif ne saurait tarder. Les cours de la Bourse se sont maintenus avec fermeté pendant toute la journée; la rente a clôturé en légère hausse sur les prix de la veille.

Le gouvernement a été saisi, dans la séance d'hier, de la question relative aux mesures prises par le conseil municipal; la commission chargée d'examiner le projet a terminé ses travaux et le rapport sera déposé incessamment. On assure que les négociations ouvertes avec les puissances voisines se poursuivent dans les meilleures conditions, et que la conclusion d'un arrangement définitif ne saurait tarder. Les cours de la Bourse se sont maintenus avec fermeté pendant toute la journée; la rente a clôturé en légère hausse sur les prix de la veille.

DÉPÊCHES DU MATIN
28 janvier. — 6 heures.
Paris, 27 janvier.

Le gouvernement a été saisi, dans la séance d'hier, de la question relative aux mesures prises par le conseil municipal; la commission chargée d'examiner le projet a terminé ses travaux et le rapport sera déposé incessamment. On assure que les négociations ouvertes avec les puissances voisines se poursuivent dans les meilleures conditions, et que la conclusion d'un arrangement définitif ne saurait tarder. Les cours de la Bourse se sont maintenus avec fermeté pendant toute la journée; la rente a clôturé en légère hausse sur les prix de la veille.

Le gouvernement a été saisi, dans la séance d'hier, de la question relative aux mesures prises par le conseil municipal; la commission chargée d'examiner le projet a terminé ses travaux et le rapport sera déposé incessamment. On assure que les négociations ouvertes avec les puissances voisines se poursuivent dans les meilleures conditions, et que la conclusion d'un arrangement définitif ne saurait tarder. Les cours de la Bourse se sont maintenus avec fermeté pendant toute la journée; la rente a clôturé en légère hausse sur les prix de la veille.

Le gouvernement a été saisi, dans la séance d'hier, de la question relative aux mesures prises par le conseil municipal; la commission chargée d'examiner le projet a terminé ses travaux et le rapport sera déposé incessamment. On assure que les négociations ouvertes avec les puissances voisines se poursuivent dans les meilleures conditions, et que la conclusion d'un arrangement définitif ne saurait tarder. Les cours de la Bourse se sont maintenus avec fermeté pendant toute la journée; la rente a clôturé en légère hausse sur les prix de la veille.

Le gouvernement a été saisi, dans la séance d'hier, de la question relative aux mesures prises par le conseil municipal; la commission chargée d'examiner le projet a terminé ses travaux et le rapport sera déposé incessamment. On assure que les négociations ouvertes avec les puissances voisines se poursuivent dans les meilleures conditions, et que la conclusion d'un arrangement définitif ne saurait tarder. Les cours de la Bourse se sont maintenus avec fermeté pendant toute la journée; la rente a clôturé en légère hausse sur les prix de la veille.

Le gouvernement a été saisi, dans la séance d'hier, de la question relative aux mesures prises par le conseil municipal; la commission chargée d'examiner le projet a terminé ses travaux et le rapport sera déposé incessamment. On assure que les négociations ouvertes avec les puissances voisines se poursuivent dans les meilleures conditions, et que la conclusion d'un arrangement définitif ne saurait tarder. Les cours de la Bourse se sont maintenus avec fermeté pendant toute la journée; la rente a clôturé en légère hausse sur les prix de la veille.

DÉPÊCHES DU SOIR
28 janvier. — 3 heures.
Dépêches particulières
du Journal de Lyon

Le gouvernement a été saisi, dans la séance d'hier, de la question relative aux mesures prises par le conseil municipal; la commission chargée d'examiner le projet a terminé ses travaux et le rapport sera déposé incessamment. On assure que les négociations ouvertes avec les puissances voisines se poursuivent dans les meilleures conditions, et que la conclusion d'un arrangement définitif ne saurait tarder. Les cours de la Bourse se sont maintenus avec fermeté pendant toute la journée; la rente a clôturé en légère hausse sur les prix de la veille.

Le gouvernement a été saisi, dans la séance d'hier, de la question relative aux mesures prises par le conseil municipal; la commission chargée d'examiner le projet a terminé ses travaux et le rapport sera déposé incessamment. On assure que les négociations ouvertes avec les puissances voisines se poursuivent dans les meilleures conditions, et que la conclusion d'un arrangement définitif ne saurait tarder. Les cours de la Bourse se sont maintenus avec fermeté pendant toute la journée; la rente a clôturé en légère hausse sur les prix de la veille.

Le gouvernement a été saisi, dans la séance d'hier, de la question relative aux mesures prises par le conseil municipal; la commission chargée d'examiner le projet a terminé ses travaux et le rapport sera déposé incessamment. On assure que les négociations ouvertes avec les puissances voisines se poursuivent dans les meilleures conditions, et que la conclusion d'un arrangement définitif ne saurait tarder. Les cours de la Bourse se sont maintenus avec fermeté pendant toute la journée; la rente a clôturé en légère hausse sur les prix de la veille.

Le gouvernement a été saisi, dans la séance d'hier, de la question relative aux mesures prises par le conseil municipal; la commission chargée d'examiner le projet a terminé ses travaux et le rapport sera déposé incessamment. On assure que les négociations ouvertes avec les puissances voisines se poursuivent dans les meilleures conditions, et que la conclusion d'un arrangement définitif ne saurait tarder. Les cours de la Bourse se sont maintenus avec fermeté pendant toute la journée; la rente a clôturé en légère hausse sur les prix de la veille.

Le gouvernement a été saisi, dans la séance d'hier, de la question relative aux mesures prises par le conseil municipal; la commission chargée d'examiner le projet a terminé ses travaux et le rapport sera déposé incessamment. On assure que les négociations ouvertes avec les puissances voisines se poursuivent dans les meilleures conditions, et que la conclusion d'un arrangement définitif ne saurait tarder. Les cours de la Bourse se sont maintenus avec fermeté pendant toute la journée; la rente a clôturé en légère hausse sur les prix de la veille.
